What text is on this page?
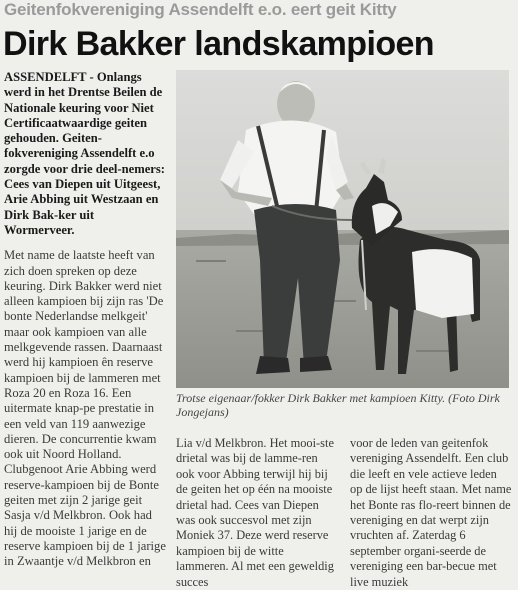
Geitenfokvereniging Assendelft e.o. eert geit Kitty
Dirk Bakker landskampioen

ASSENDELFT - Onlangs werd in het Drentse Beilen de Nationale keuring voor Niet Certificaatwaardige geiten gehouden. Geiten-fokvereniging Assendelft e.o zorgde voor drie deel-nemers: Cees van Diepen uit Uitgeest, Arie Abbing uit Westzaan en Dirk Bak-ker uit Wormerveer.

Met name de laatste heeft van zich doen spreken op deze keuring. Dirk Bakker werd niet alleen kampioen bij zijn ras 'De bonte Nederlandse melkgeit' maar ook kampioen van alle melkgevende rassen. Daarnaast werd hij kampioen ên reserve kampioen bij de lammeren met Roza 20 en Roza 16. Een uitermate knap-pe prestatie in een veld van 119 aanwezige dieren. De concurrentie kwam ook uit Noord Holland. Clubgenoot Arie Abbing werd reserve-kampioen bij de Bonte geiten met zijn 2 jarige geit Sasja v/d Melkbron. Ook had hij de mooiste 1 jarige en de reserve kampioen bij de 1 jarige in Zwaantje v/d Melkbron en

Trotse eigenaar/fokker Dirk Bakker met kampioen Kitty. (Foto Dirk Jongejans)

Lia v/d Melkbron. Het mooi-ste drietal was bij de lamme-ren ook voor Abbing terwijl hij bij de geiten het op één na mooiste drietal had. Cees van Diepen was ook succesvol met zijn Moniek 37. Deze werd reserve kampioen bij de witte lammeren. Al met een geweldig succes

voor de leden van geitenfok vereniging Assendelft. Een club die leeft en vele actieve leden op de lijst heeft staan. Met name het Bonte ras flo-reert binnen de vereniging en dat werpt zijn vruchten af. Zaterdag 6 september organi-seerde de vereniging een bar-becue met live muziek
